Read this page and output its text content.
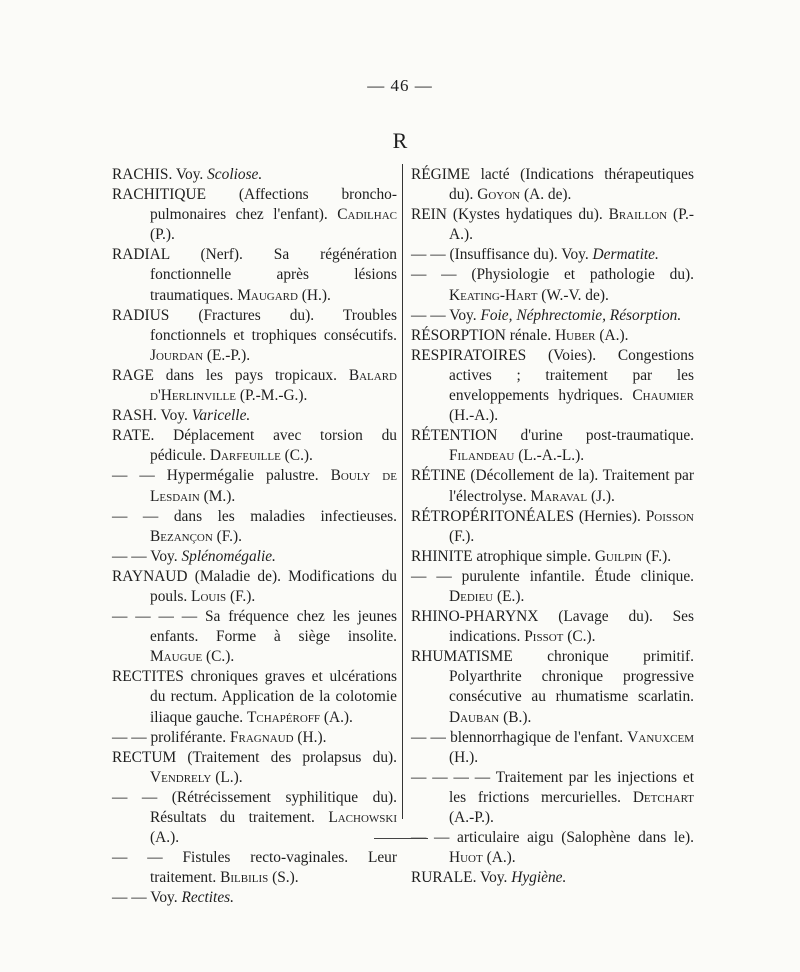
— 46 —
R

RACHIS. Voy. Scoliose.

RACHITIQUE (Affections broncho-pulmonaires chez l'enfant). Cadilhac (P.).

RADIAL (Nerf). Sa régénération fonctionnelle après lésions traumatiques. Maugard (H.).

RADIUS (Fractures du). Troubles fonctionnels et trophiques consécutifs. Jourdan (E.-P.).

RAGE dans les pays tropicaux. Balard d'Herlinville (P.-M.-G.).

RASH. Voy. Varicelle.

RATE. Déplacement avec torsion du pédicule. Darfeuille (C.).

— — Hypermégalie palustre. Bouly de Lesdain (M.).

— — dans les maladies infectieuses. Bezançon (F.).

— — Voy. Splénomégalie.

RAYNAUD (Maladie de). Modifications du pouls. Louis (F.).

— — — — Sa fréquence chez les jeunes enfants. Forme à siège insolite. Maugue (C.).

RECTITES chroniques graves et ulcérations du rectum. Application de la colotomie iliaque gauche. Tchapéroff (A.).

— — proliférante. Fragnaud (H.).

RECTUM (Traitement des prolapsus du). Vendrely (L.).

— — (Rétrécissement syphilitique du). Résultats du traitement. Lachowski (A.).

— — Fistules recto-vaginales. Leur traitement. Bilbilis (S.).

— — Voy. Rectites.

RÉGIME lacté (Indications thérapeutiques du). Goyon (A. de).

REIN (Kystes hydatiques du). Braillon (P.-A.).

— — (Insuffisance du). Voy. Dermatite.

— — (Physiologie et pathologie du). Keating-Hart (W.-V. de).

— — Voy. Foie, Néphrectomie, Résorption.

RÉSORPTION rénale. Huber (A.).

RESPIRATOIRES (Voies). Congestions actives ; traitement par les enveloppements hydriques. Chaumier (H.-A.).

RÉTENTION d'urine post-traumatique. Filandeau (L.-A.-L.).

RÉTINE (Décollement de la). Traitement par l'électrolyse. Maraval (J.).

RÉTROPÉRITONÉALES (Hernies). Poisson (F.).

RHINITE atrophique simple. Guilpin (F.).

— — purulente infantile. Étude clinique. Dedieu (E.).

RHINO-PHARYNX (Lavage du). Ses indications. Pissot (C.).

RHUMATISME chronique primitif. Polyarthrite chronique progressive consécutive au rhumatisme scarlatin. Dauban (B.).

— — blennorrhagique de l'enfant. Vanuxcem (H.).

— — — — Traitement par les injections et les frictions mercurielles. Detchart (A.-P.).

— — articulaire aigu (Salophène dans le). Huot (A.).

RURALE. Voy. Hygiène.
